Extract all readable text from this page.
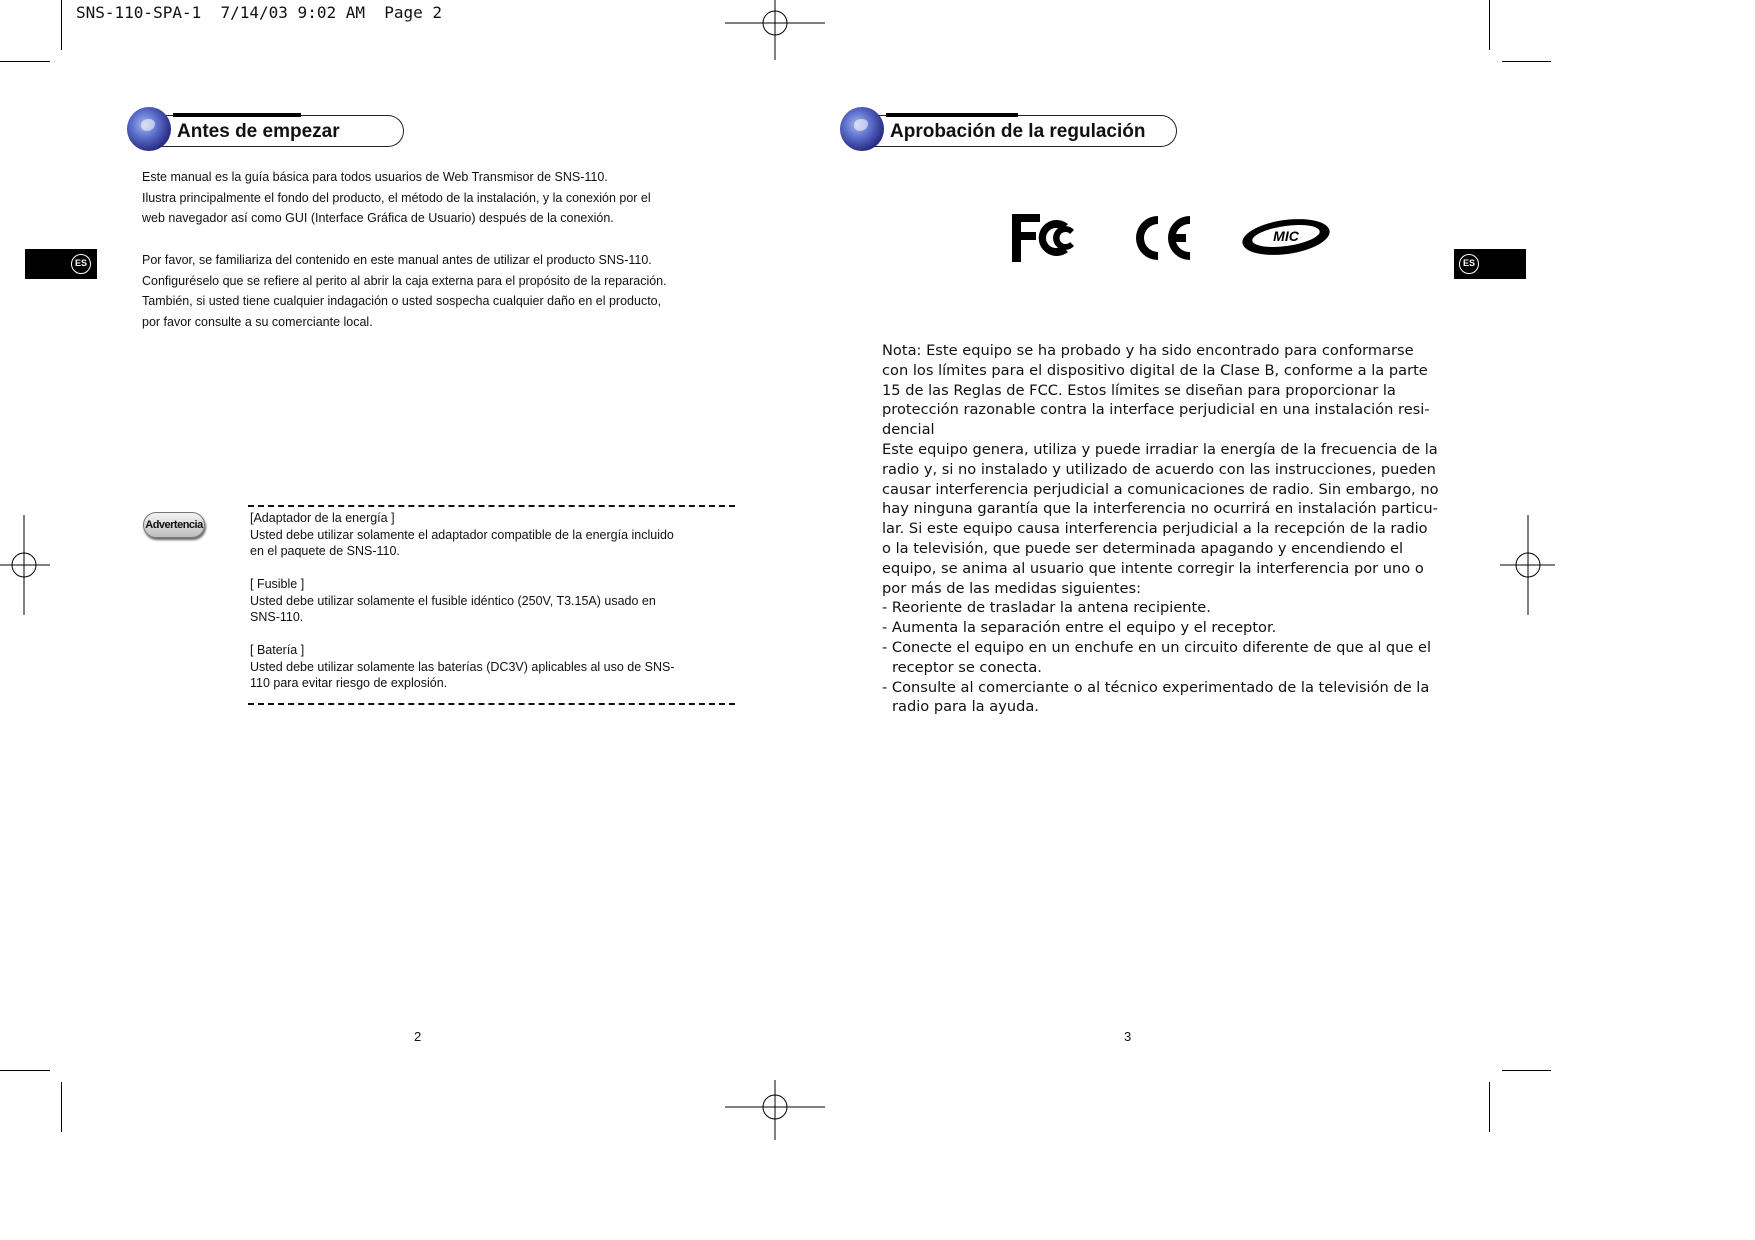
SNS-110-SPA-1  7/14/03 9:02 AM  Page 2
ES	ES
Antes de empezar

Este manual es la guía básica para todos usuarios de Web Transmisor de SNS-110.

Ilustra principalmente el fondo del producto, el método de la instalación, y la conexión por el

web navegador así como GUI (Interface Gráfica de Usuario) después de la conexión.

Por favor, se familiariza del contenido en este manual antes de utilizar el producto SNS-110.

Configuréselo que se refiere al perito al abrir la caja externa para el propósito de la reparación.

También, si usted tiene cualquier indagación o usted sospecha cualquier daño en el producto,

por favor consulte a su comerciante local.

Advertencia	[Adaptador de la energía ]
Usted debe utilizar solamente el adaptador compatible de la energía incluido
en el paquete de SNS-110.
[ Fusible ]
Usted debe utilizar solamente el fusible idéntico (250V, T3.15A) usado en
SNS-110.
[ Batería ]
Usted debe utilizar solamente las baterías (DC3V) aplicables al uso de SNS-
110 para evitar riesgo de explosión.
2
Aprobación de la regulación
MIC

Nota: Este equipo se ha probado y ha sido encontrado para conformarse

con los límites para el dispositivo digital de la Clase B, conforme a la parte

15 de las Reglas de FCC. Estos límites se diseñan para proporcionar la

protección razonable contra la interface perjudicial en una instalación resi-

dencial

Este equipo genera, utiliza y puede irradiar la energía de la frecuencia de la

radio y, si no instalado y utilizado de acuerdo con las instrucciones, pueden

causar interferencia perjudicial a comunicaciones de radio. Sin embargo, no

hay ninguna garantía que la interferencia no ocurrirá en instalación particu-

lar. Si este equipo causa interferencia perjudicial a la recepción de la radio

o la televisión, que puede ser determinada apagando y encendiendo el

equipo, se anima al usuario que intente corregir la interferencia por uno o

por más de las medidas siguientes:

- Reoriente de trasladar la antena recipiente.

- Aumenta la separación entre el equipo y el receptor.

- Conecte el equipo en un enchufe en un circuito diferente de que al que el receptor se conecta.

- Consulte al comerciante o al técnico experimentado de la televisión de la radio para la ayuda.

3
